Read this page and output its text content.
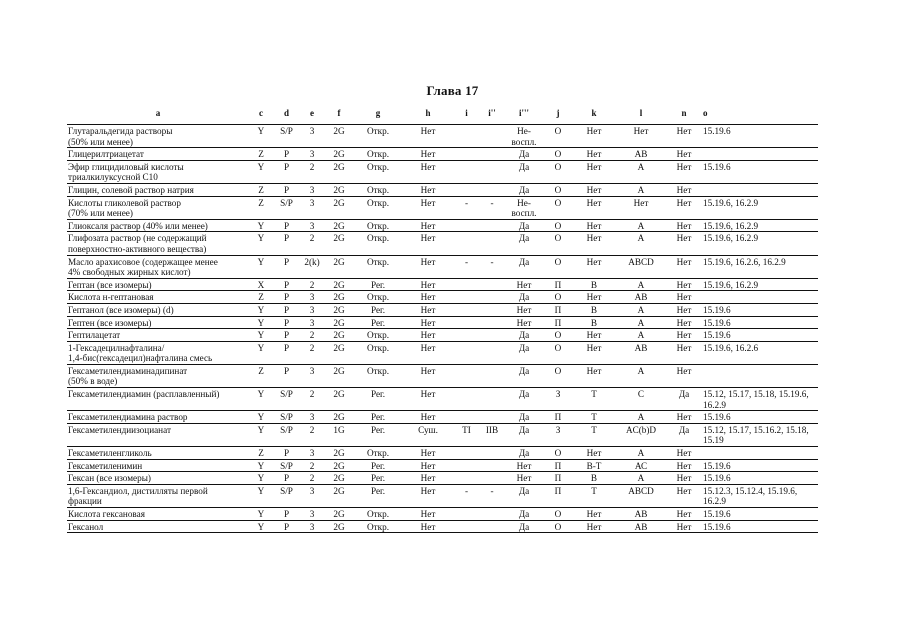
Глава 17
a	c	d	e	f	g	h	i	i''	i'''	j	k	l	n	o
Глутаральдегида растворы
(50% или менее)	Y	S/P	3	2G	Откр.	Нет			Не-
воспл.	О	Нет	Нет	Нет	15.19.6
Глицерилтриацетат	Z	P	3	2G	Откр.	Нет			Да	О	Нет	АВ	Нет	
Эфир глицидиловый кислоты
триалкилуксусной С10	Y	P	2	2G	Откр.	Нет			Да	О	Нет	А	Нет	15.19.6
Глицин, солевой раствор натрия	Z	P	3	2G	Откр.	Нет			Да	О	Нет	А	Нет	
Кислоты гликолевой раствор
(70% или менее)	Z	S/P	3	2G	Откр.	Нет	-	-	Не-
воспл.	О	Нет	Нет	Нет	15.19.6, 16.2.9
Глиоксаля раствор (40% или менее)	Y	P	3	2G	Откр.	Нет			Да	О	Нет	А	Нет	15.19.6, 16.2.9
Глифозата раствор (не содержащий
поверхностно-активного вещества)	Y	P	2	2G	Откр.	Нет			Да	О	Нет	А	Нет	15.19.6, 16.2.9
Масло арахисовое (содержащее менее
4% свободных жирных кислот)	Y	P	2(k)	2G	Откр.	Нет	-	-	Да	О	Нет	ABCD	Нет	15.19.6, 16.2.6, 16.2.9
Гептан (все изомеры)	X	P	2	2G	Рег.	Нет			Нет	П	В	А	Нет	15.19.6, 16.2.9
Кислота н-гептановая	Z	P	3	2G	Откр.	Нет			Да	О	Нет	АВ	Нет	
Гептанол (все изомеры) (d)	Y	P	3	2G	Рег.	Нет			Нет	П	В	А	Нет	15.19.6
Гептен (все изомеры)	Y	P	3	2G	Рег.	Нет			Нет	П	В	А	Нет	15.19.6
Гептилацетат	Y	P	2	2G	Откр.	Нет			Да	О	Нет	А	Нет	15.19.6
1-Гексадецилнафталина/
1,4-бис(гексадецил)нафталина смесь	Y	P	2	2G	Откр.	Нет			Да	О	Нет	АВ	Нет	15.19.6, 16.2.6
Гексаметилендиаминадипинат
(50% в воде)	Z	P	3	2G	Откр.	Нет			Да	О	Нет	А	Нет	
Гексаметилендиамин (расплавленный)	Y	S/P	2	2G	Рег.	Нет			Да	З	Т	С	Да	15.12, 15.17, 15.18, 15.19.6,
16.2.9
Гексаметилендиамина раствор	Y	S/P	3	2G	Рег.	Нет			Да	П	Т	А	Нет	15.19.6
Гексаметилендиизоцианат	Y	S/P	2	1G	Рег.	Суш.	TI	IIB	Да	З	Т	AC(b)D	Да	15.12, 15.17, 15.16.2, 15.18,
15.19
Гексаметиленгликоль	Z	P	3	2G	Откр.	Нет			Да	О	Нет	А	Нет	
Гексаметиленимин	Y	S/P	2	2G	Рег.	Нет			Нет	П	В-Т	АС	Нет	15.19.6
Гексан (все изомеры)	Y	P	2	2G	Рег.	Нет			Нет	П	В	А	Нет	15.19.6
1,6-Гександиол, дистилляты первой
фракции	Y	S/P	3	2G	Рег.	Нет	-	-	Да	П	Т	ABCD	Нет	15.12.3, 15.12.4, 15.19.6, 16.2.9
Кислота гексановая	Y	P	3	2G	Откр.	Нет			Да	О	Нет	АВ	Нет	15.19.6
Гексанол	Y	P	3	2G	Откр.	Нет			Да	О	Нет	АВ	Нет	15.19.6
